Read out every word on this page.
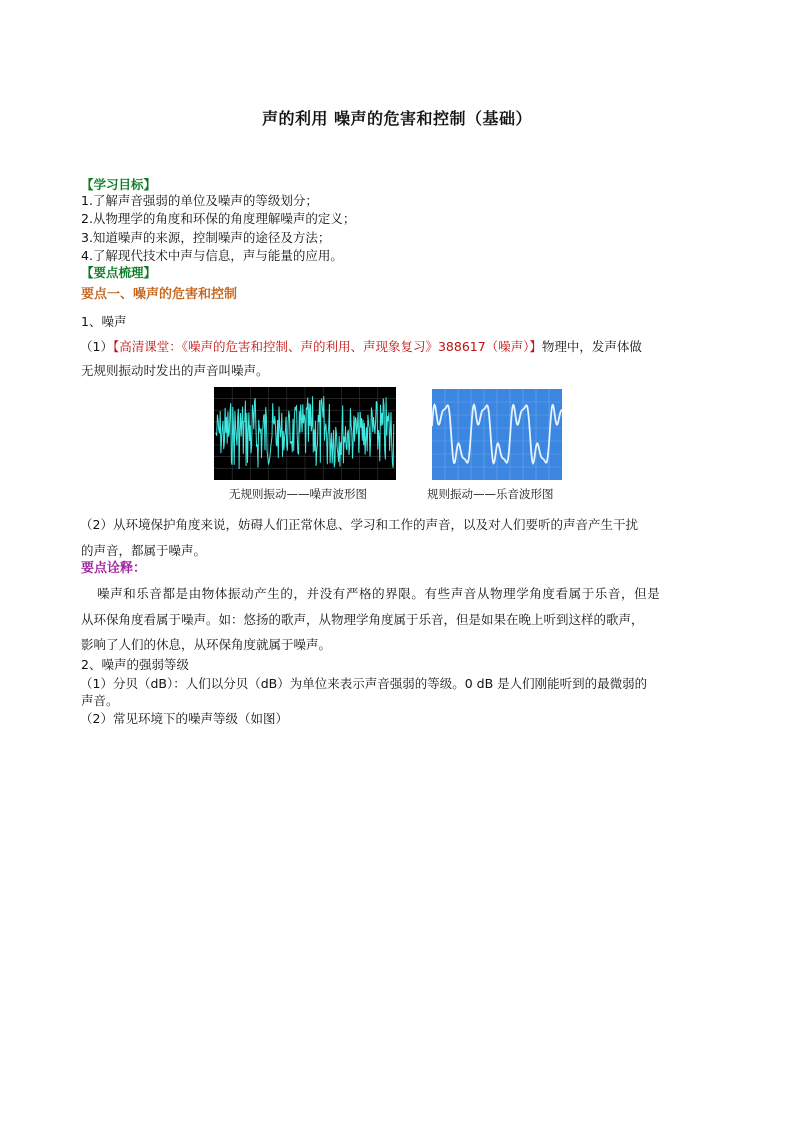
声的利用 噪声的危害和控制（基础）
【学习目标】
1.了解声音强弱的单位及噪声的等级划分；
2.从物理学的角度和环保的角度理解噪声的定义；
3.知道噪声的来源，控制噪声的途径及方法；
4.了解现代技术中声与信息，声与能量的应用。
【要点梳理】
要点一、噪声的危害和控制
1、噪声
（1）【高清课堂：《噪声的危害和控制、声的利用、声现象复习》388617（噪声）】物理中，发声体做
无规则振动时发出的声音叫噪声。
无规则振动——噪声波形图	规则振动——乐音波形图
（2）从环境保护角度来说，妨碍人们正常休息、学习和工作的声音，以及对人们要听的声音产生干扰
的声音，都属于噪声。
要点诠释：
噪声和乐音都是由物体振动产生的，并没有严格的界限。有些声音从物理学角度看属于乐音，但是
从环保角度看属于噪声。如：悠扬的歌声，从物理学角度属于乐音，但是如果在晚上听到这样的歌声，
影响了人们的休息，从环保角度就属于噪声。
2、噪声的强弱等级
（1）分贝（dB）：人们以分贝（dB）为单位来表示声音强弱的等级。0 dB 是人们刚能听到的最微弱的
声音。
（2）常见环境下的噪声等级（如图）
